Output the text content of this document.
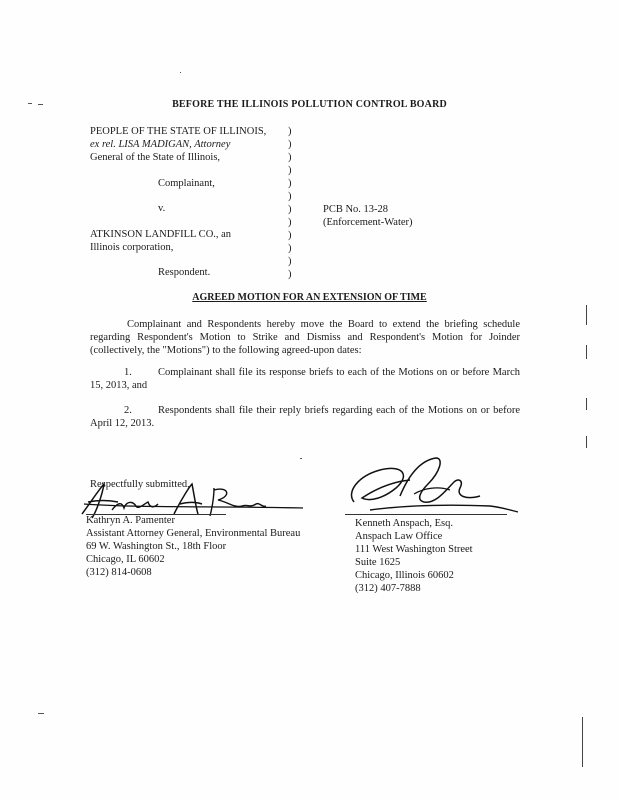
BEFORE THE ILLINOIS POLLUTION CONTROL BOARD
PEOPLE OF THE STATE OF ILLINOIS,
ex rel. LISA MADIGAN, Attorney
General of the State of Illinois,
Complainant,
v.
ATKINSON LANDFILL CO., an
Illinois corporation,
Respondent.
)
)
)
)
)
)
)
)
)
)
)
)
PCB No. 13-28
(Enforcement-Water)
AGREED MOTION FOR AN EXTENSION OF TIME
Complainant and Respondents hereby move the Board to extend the briefing schedule
regarding Respondent's Motion to Strike and Dismiss and Respondent's Motion for Joinder
(collectively, the "Motions") to the following agreed-upon dates:
1. Complainant shall file its response briefs to each of the Motions on or before March
15, 2013, and
2. Respondents shall file their reply briefs regarding each of the Motions on or before
April 12, 2013.
Respectfully submitted,
Kathryn A. Pamenter
Assistant Attorney General, Environmental Bureau
69 W. Washington St., 18th Floor
Chicago, IL 60602
(312) 814-0608
Kenneth Anspach, Esq.
Anspach Law Office
111 West Washington Street
Suite 1625
Chicago, Illinois 60602
(312) 407-7888
